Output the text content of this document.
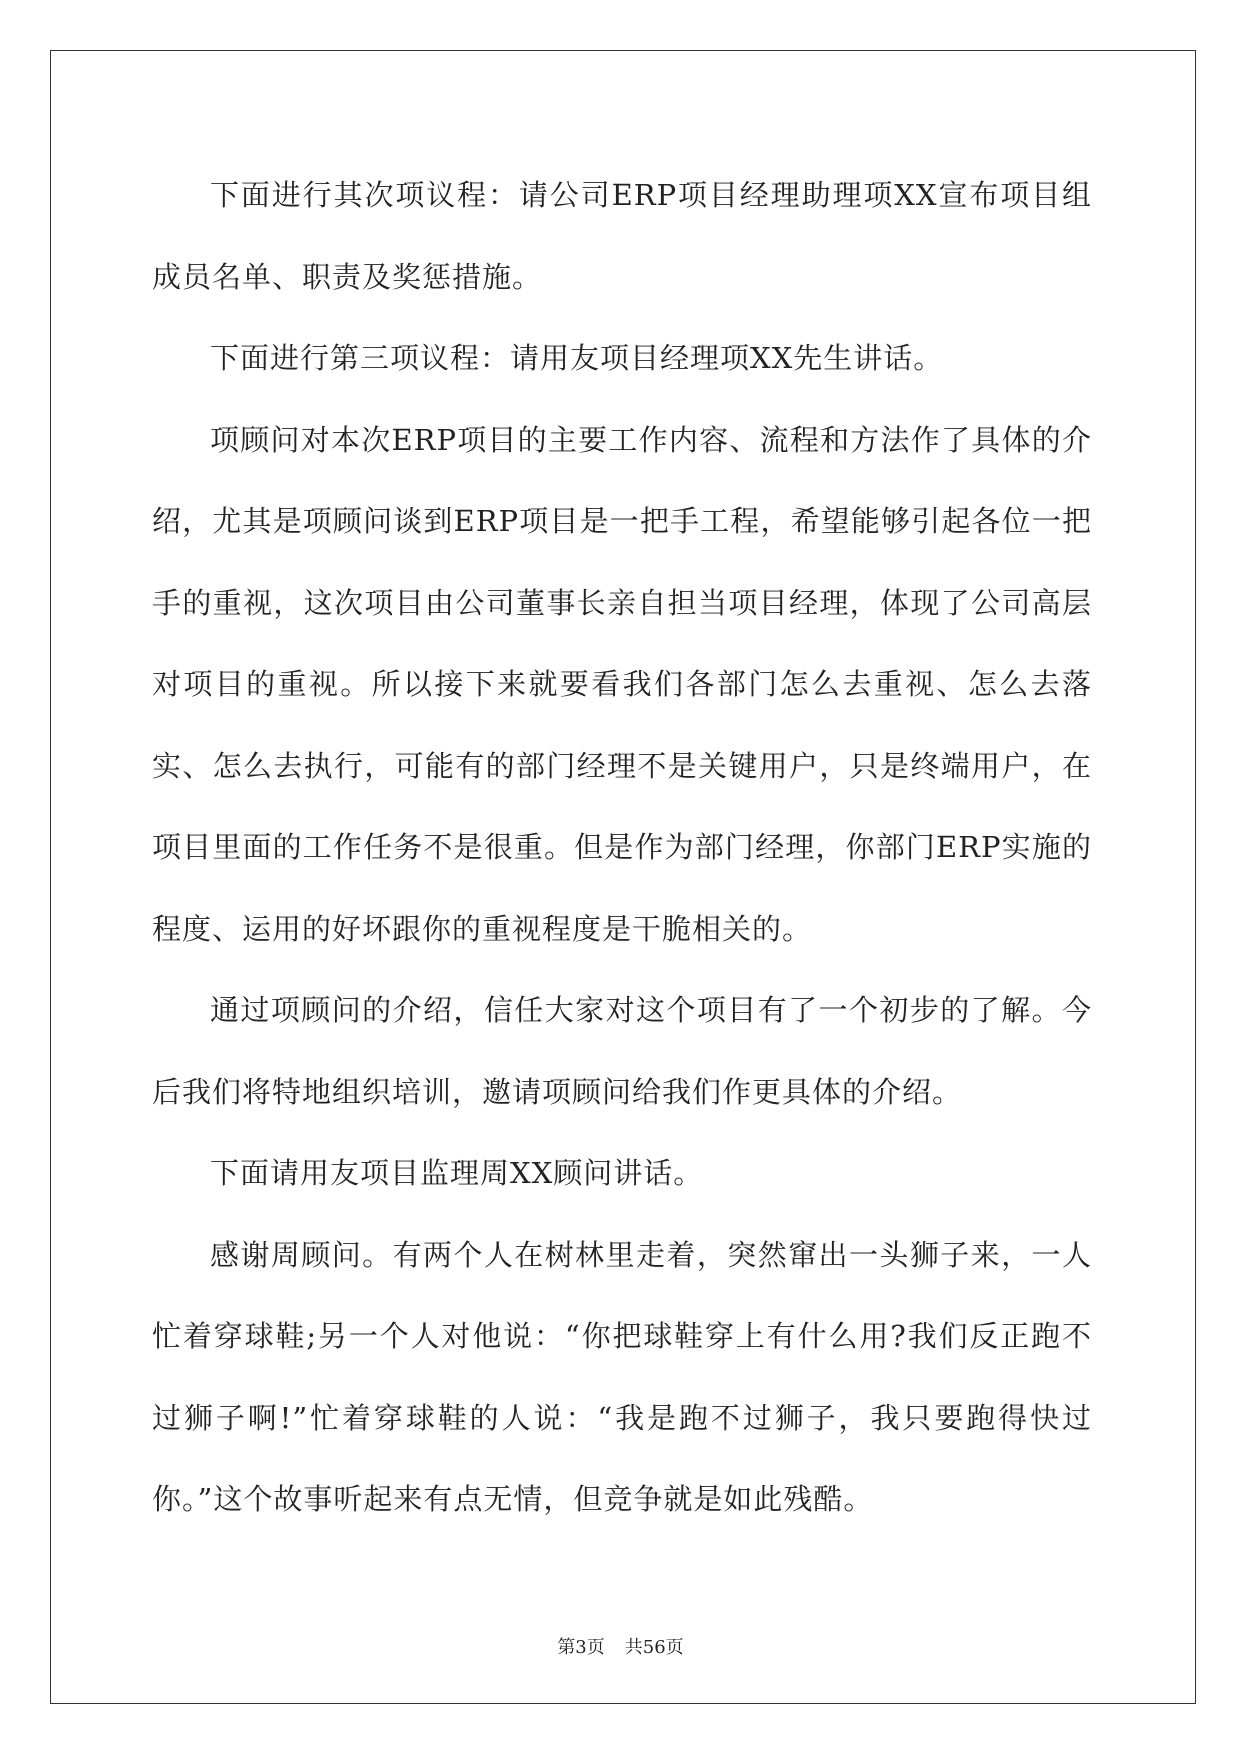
下面进行其次项议程：请公司ERP项目经理助理项XX宣布项目组成员名单、职责及奖惩措施。

下面进行第三项议程：请用友项目经理项XX先生讲话。

项顾问对本次ERP项目的主要工作内容、流程和方法作了具体的介绍，尤其是项顾问谈到ERP项目是一把手工程，希望能够引起各位一把手的重视，这次项目由公司董事长亲自担当项目经理，体现了公司高层对项目的重视。所以接下来就要看我们各部门怎么去重视、怎么去落实、怎么去执行，可能有的部门经理不是关键用户，只是终端用户，在项目里面的工作任务不是很重。但是作为部门经理，你部门ERP实施的程度、运用的好坏跟你的重视程度是干脆相关的。

通过项顾问的介绍，信任大家对这个项目有了一个初步的了解。今后我们将特地组织培训，邀请项顾问给我们作更具体的介绍。

下面请用友项目监理周XX顾问讲话。

感谢周顾问。有两个人在树林里走着，突然窜出一头狮子来，一人忙着穿球鞋;另一个人对他说：“你把球鞋穿上有什么用?我们反正跑不过狮子啊!”忙着穿球鞋的人说：“我是跑不过狮子，我只要跑得快过你。”这个故事听起来有点无情，但竞争就是如此残酷。

第3页 共56页
